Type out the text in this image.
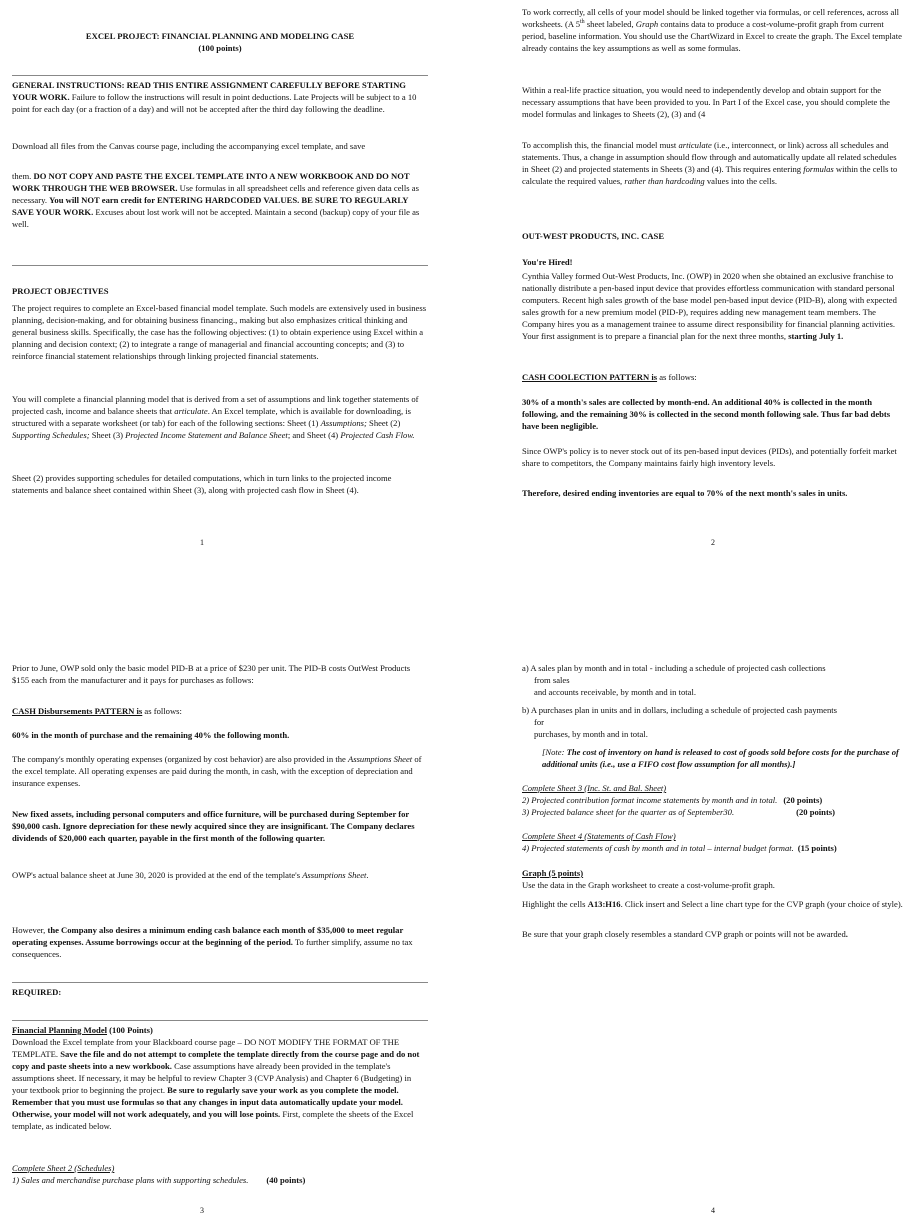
EXCEL PROJECT: FINANCIAL PLANNING AND MODELING CASE
(100 points)

GENERAL INSTRUCTIONS: READ THIS ENTIRE ASSIGNMENT CAREFULLY BEFORE STARTING YOUR WORK. Failure to follow the instructions will result in point deductions. Late Projects will be subject to a 10 point for each day (or a fraction of a day) and will not be accepted after the third day following the deadline.

Download all files from the Canvas course page, including the accompanying excel template, and save

them. DO NOT COPY AND PASTE THE EXCEL TEMPLATE INTO A NEW WORKBOOK AND DO NOT WORK THROUGH THE WEB BROWSER. Use formulas in all spreadsheet cells and reference given data cells as necessary. You will NOT earn credit for ENTERING HARDCODED VALUES. BE SURE TO REGULARLY SAVE YOUR WORK. Excuses about lost work will not be accepted. Maintain a second (backup) copy of your file as well.

PROJECT OBJECTIVES

The project requires to complete an Excel-based financial model template. Such models are extensively used in business planning, decision-making, and for obtaining business financing., making but also emphasizes critical thinking and general business skills. Specifically, the case has the following objectives: (1) to obtain experience using Excel within a planning and decision context; (2) to integrate a range of managerial and financial accounting concepts; and (3) to reinforce financial statement relationships through linking projected financial statements.

You will complete a financial planning model that is derived from a set of assumptions and link together statements of projected cash, income and balance sheets that articulate. An Excel template, which is available for downloading, is structured with a separate worksheet (or tab) for each of the following sections: Sheet (1) Assumptions; Sheet (2) Supporting Schedules; Sheet (3) Projected Income Statement and Balance Sheet; and Sheet (4) Projected Cash Flow.

Sheet (2) provides supporting schedules for detailed computations, which in turn links to the projected income statements and balance sheet contained within Sheet (3), along with projected cash flow in Sheet (4).

1

To work correctly, all cells of your model should be linked together via formulas, or cell references, across all worksheets. (A 5th sheet labeled, Graph contains data to produce a cost-volume-profit graph from current period, baseline information. You should use the ChartWizard in Excel to create the graph. The Excel template already contains the key assumptions as well as some formulas.

Within a real-life practice situation, you would need to independently develop and obtain support for the necessary assumptions that have been provided to you. In Part I of the Excel case, you should complete the model formulas and linkages to Sheets (2), (3) and (4

To accomplish this, the financial model must articulate (i.e., interconnect, or link) across all schedules and statements. Thus, a change in assumption should flow through and automatically update all related schedules in Sheet (2) and projected statements in Sheets (3) and (4). This requires entering formulas within the cells to calculate the required values, rather than hardcoding values into the cells.

OUT-WEST PRODUCTS, INC. CASE

You're Hired!

Cynthia Valley formed Out-West Products, Inc. (OWP) in 2020 when she obtained an exclusive franchise to nationally distribute a pen-based input device that provides effortless communication with standard personal computers. Recent high sales growth of the base model pen-based input device (PID-B), along with expected sales growth for a new premium model (PID-P), requires adding new management team members. The Company hires you as a management trainee to assume direct responsibility for financial planning activities. Your first assignment is to prepare a financial plan for the next three months, starting July 1.

CASH COOLECTION PATTERN is as follows:

30% of a month's sales are collected by month-end. An additional 40% is collected in the month following, and the remaining 30% is collected in the second month following sale. Thus far bad debts have been negligible.

Since OWP's policy is to never stock out of its pen-based input devices (PIDs), and potentially forfeit market share to competitors, the Company maintains fairly high inventory levels.

Therefore, desired ending inventories are equal to 70% of the next month's sales in units.

2

Prior to June, OWP sold only the basic model PID-B at a price of $230 per unit. The PID-B costs OutWest Products $155 each from the manufacturer and it pays for purchases as follows:

CASH Disbursements PATTERN is as follows:

60% in the month of purchase and the remaining 40% the following month.

The company's monthly operating expenses (organized by cost behavior) are also provided in the Assumptions Sheet of the excel template. All operating expenses are paid during the month, in cash, with the exception of depreciation and insurance expenses.

New fixed assets, including personal computers and office furniture, will be purchased during September for $90,000 cash. Ignore depreciation for these newly acquired since they are insignificant. The Company declares dividends of $20,000 each quarter, payable in the first month of the following quarter.

OWP's actual balance sheet at June 30, 2020 is provided at the end of the template's Assumptions Sheet.

However, the Company also desires a minimum ending cash balance each month of $35,000 to meet regular operating expenses. Assume borrowings occur at the beginning of the period. To further simplify, assume no tax consequences.

REQUIRED:

Financial Planning Model (100 Points)
Download the Excel template from your Blackboard course page – DO NOT MODIFY THE FORMAT OF THE TEMPLATE. Save the file and do not attempt to complete the template directly from the course page and do not copy and paste sheets into a new workbook. Case assumptions have already been provided in the template's assumptions sheet. If necessary, it may be helpful to review Chapter 3 (CVP Analysis) and Chapter 6 (Budgeting) in your textbook prior to beginning the project. Be sure to regularly save your work as you complete the model. Remember that you must use formulas so that any changes in input data automatically update your model. Otherwise, your model will not work adequately, and you will lose points. First, complete the sheets of the Excel template, as indicated below.

Complete Sheet 2 (Schedules)

1) Sales and merchandise purchase plans with supporting schedules. (40 points)

3

a) A sales plan by month and in total - including a schedule of projected cash collections
from sales
and accounts receivable, by month and in total.

b) A purchases plan in units and in dollars, including a schedule of projected cash payments
for
purchases, by month and in total.

[Note: The cost of inventory on hand is released to cost of goods sold before costs for the purchase of additional units (i.e., use a FIFO cost flow assumption for all months).]

Complete Sheet 3 (Inc. St. and Bal. Sheet)

2) Projected contribution format income statements by month and in total. (20 points)

3) Projected balance sheet for the quarter as of September30.	(20 points)

Complete Sheet 4 (Statements of Cash Flow)

4) Projected statements of cash by month and in total – internal budget format. (15 points)

Graph (5 points)
Use the data in the Graph worksheet to create a cost-volume-profit graph.

Highlight the cells A13:H16. Click insert and Select a line chart type for the CVP graph (your choice of style).

Be sure that your graph closely resembles a standard CVP graph or points will not be awarded.

4
